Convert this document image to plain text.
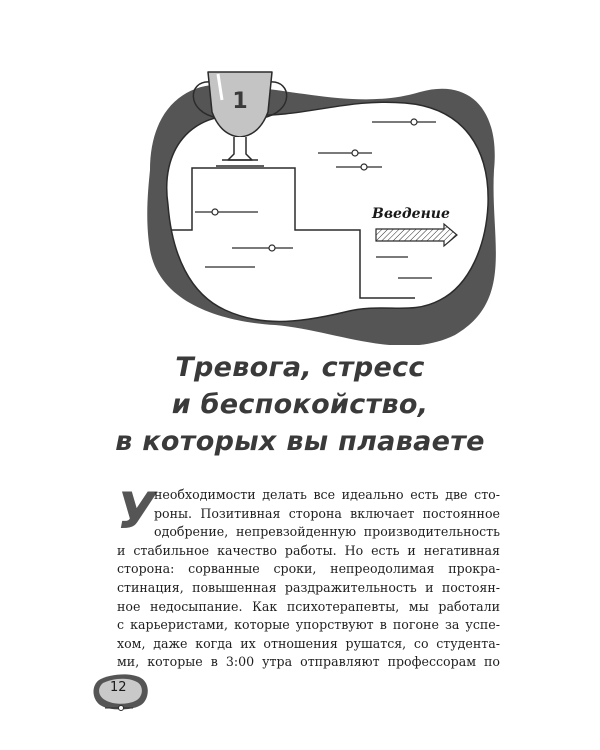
1
Введение
Тревога, стресс
и беспокойство,
в которых вы плаваете
У
необходимости делать все идеально есть две сто-
роны. Позитивная сторона включает постоянное
одобрение, непревзойденную производительность
и стабильное качество работы. Но есть и негативная
сторона: сорванные сроки, непреодолимая прокра-
стинация, повышенная раздражительность и постоян-
ное недосыпание. Как психотерапевты, мы работали
с карьеристами, которые упорствуют в погоне за успе-
хом, даже когда их отношения рушатся, со студента-
ми, которые в 3:00 утра отправляют профессорам по
12
